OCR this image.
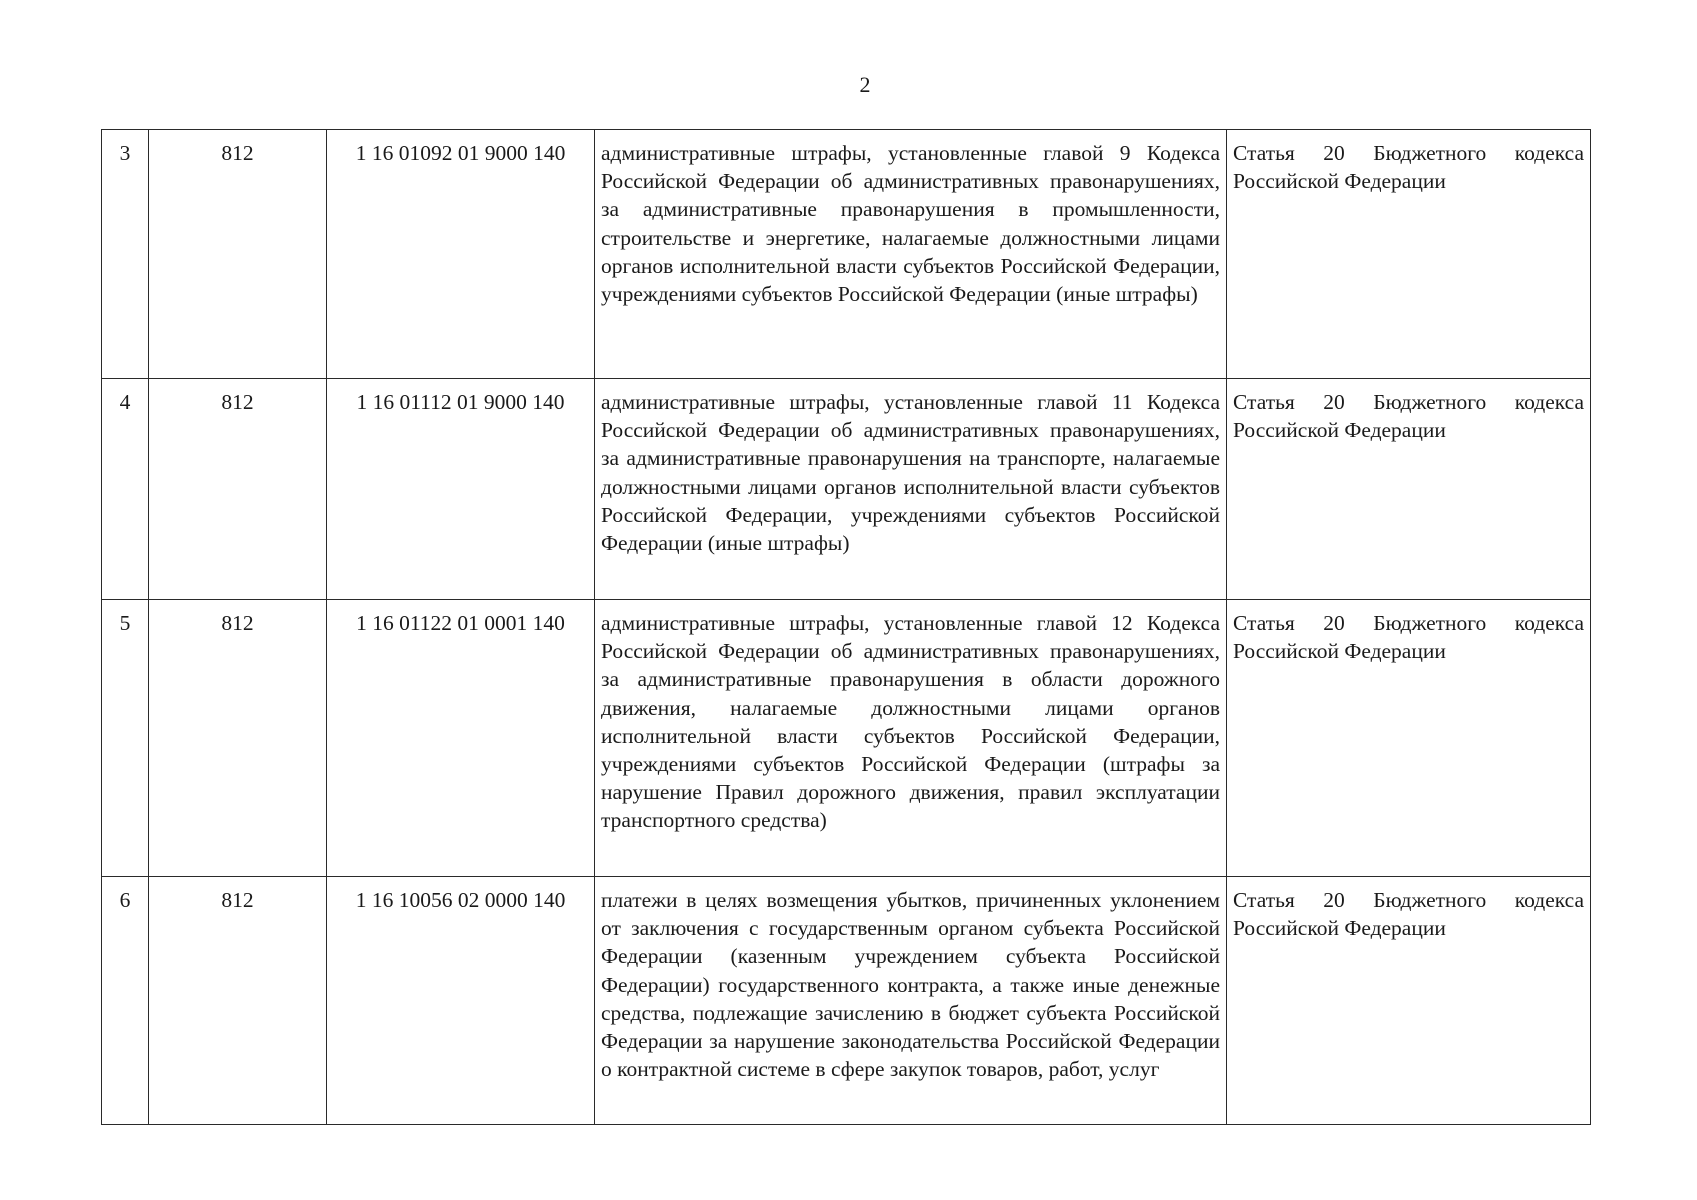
2
3	812	1 16 01092 01 9000 140	административные штрафы, установленные главой 9 Кодекса Российской Федерации об административных правонарушениях, за административные правонарушения в промышленности, строительстве и энергетике, налагаемые должностными лицами органов исполнительной власти субъектов Российской Федерации, учреждениями субъектов Российской Федерации (иные штрафы)	Статья 20 Бюджетного кодекса Российской Федерации
4	812	1 16 01112 01 9000 140	административные штрафы, установленные главой 11 Кодекса Российской Федерации об административных правонарушениях, за административные правонарушения на транспорте, налагаемые должностными лицами органов исполнительной власти субъектов Российской Федерации, учреждениями субъектов Российской Федерации (иные штрафы)	Статья 20 Бюджетного кодекса Российской Федерации
5	812	1 16 01122 01 0001 140	административные штрафы, установленные главой 12 Кодекса Российской Федерации об административных правонарушениях, за административные правонарушения в области дорожного движения, налагаемые должностными лицами органов исполнительной власти субъектов Российской Федерации, учреждениями субъектов Российской Федерации (штрафы за нарушение Правил дорожного движения, правил эксплуатации транспортного средства)	Статья 20 Бюджетного кодекса Российской Федерации
6	812	1 16 10056 02 0000 140	платежи в целях возмещения убытков, причиненных уклонением от заключения с государственным органом субъекта Российской Федерации (казенным учреждением субъекта Российской Федерации) государственного контракта, а также иные денежные средства, подлежащие зачислению в бюджет субъекта Российской Федерации за нарушение законодательства Российской Федерации о контрактной системе в сфере закупок товаров, работ, услуг	Статья 20 Бюджетного кодекса Российской Федерации
